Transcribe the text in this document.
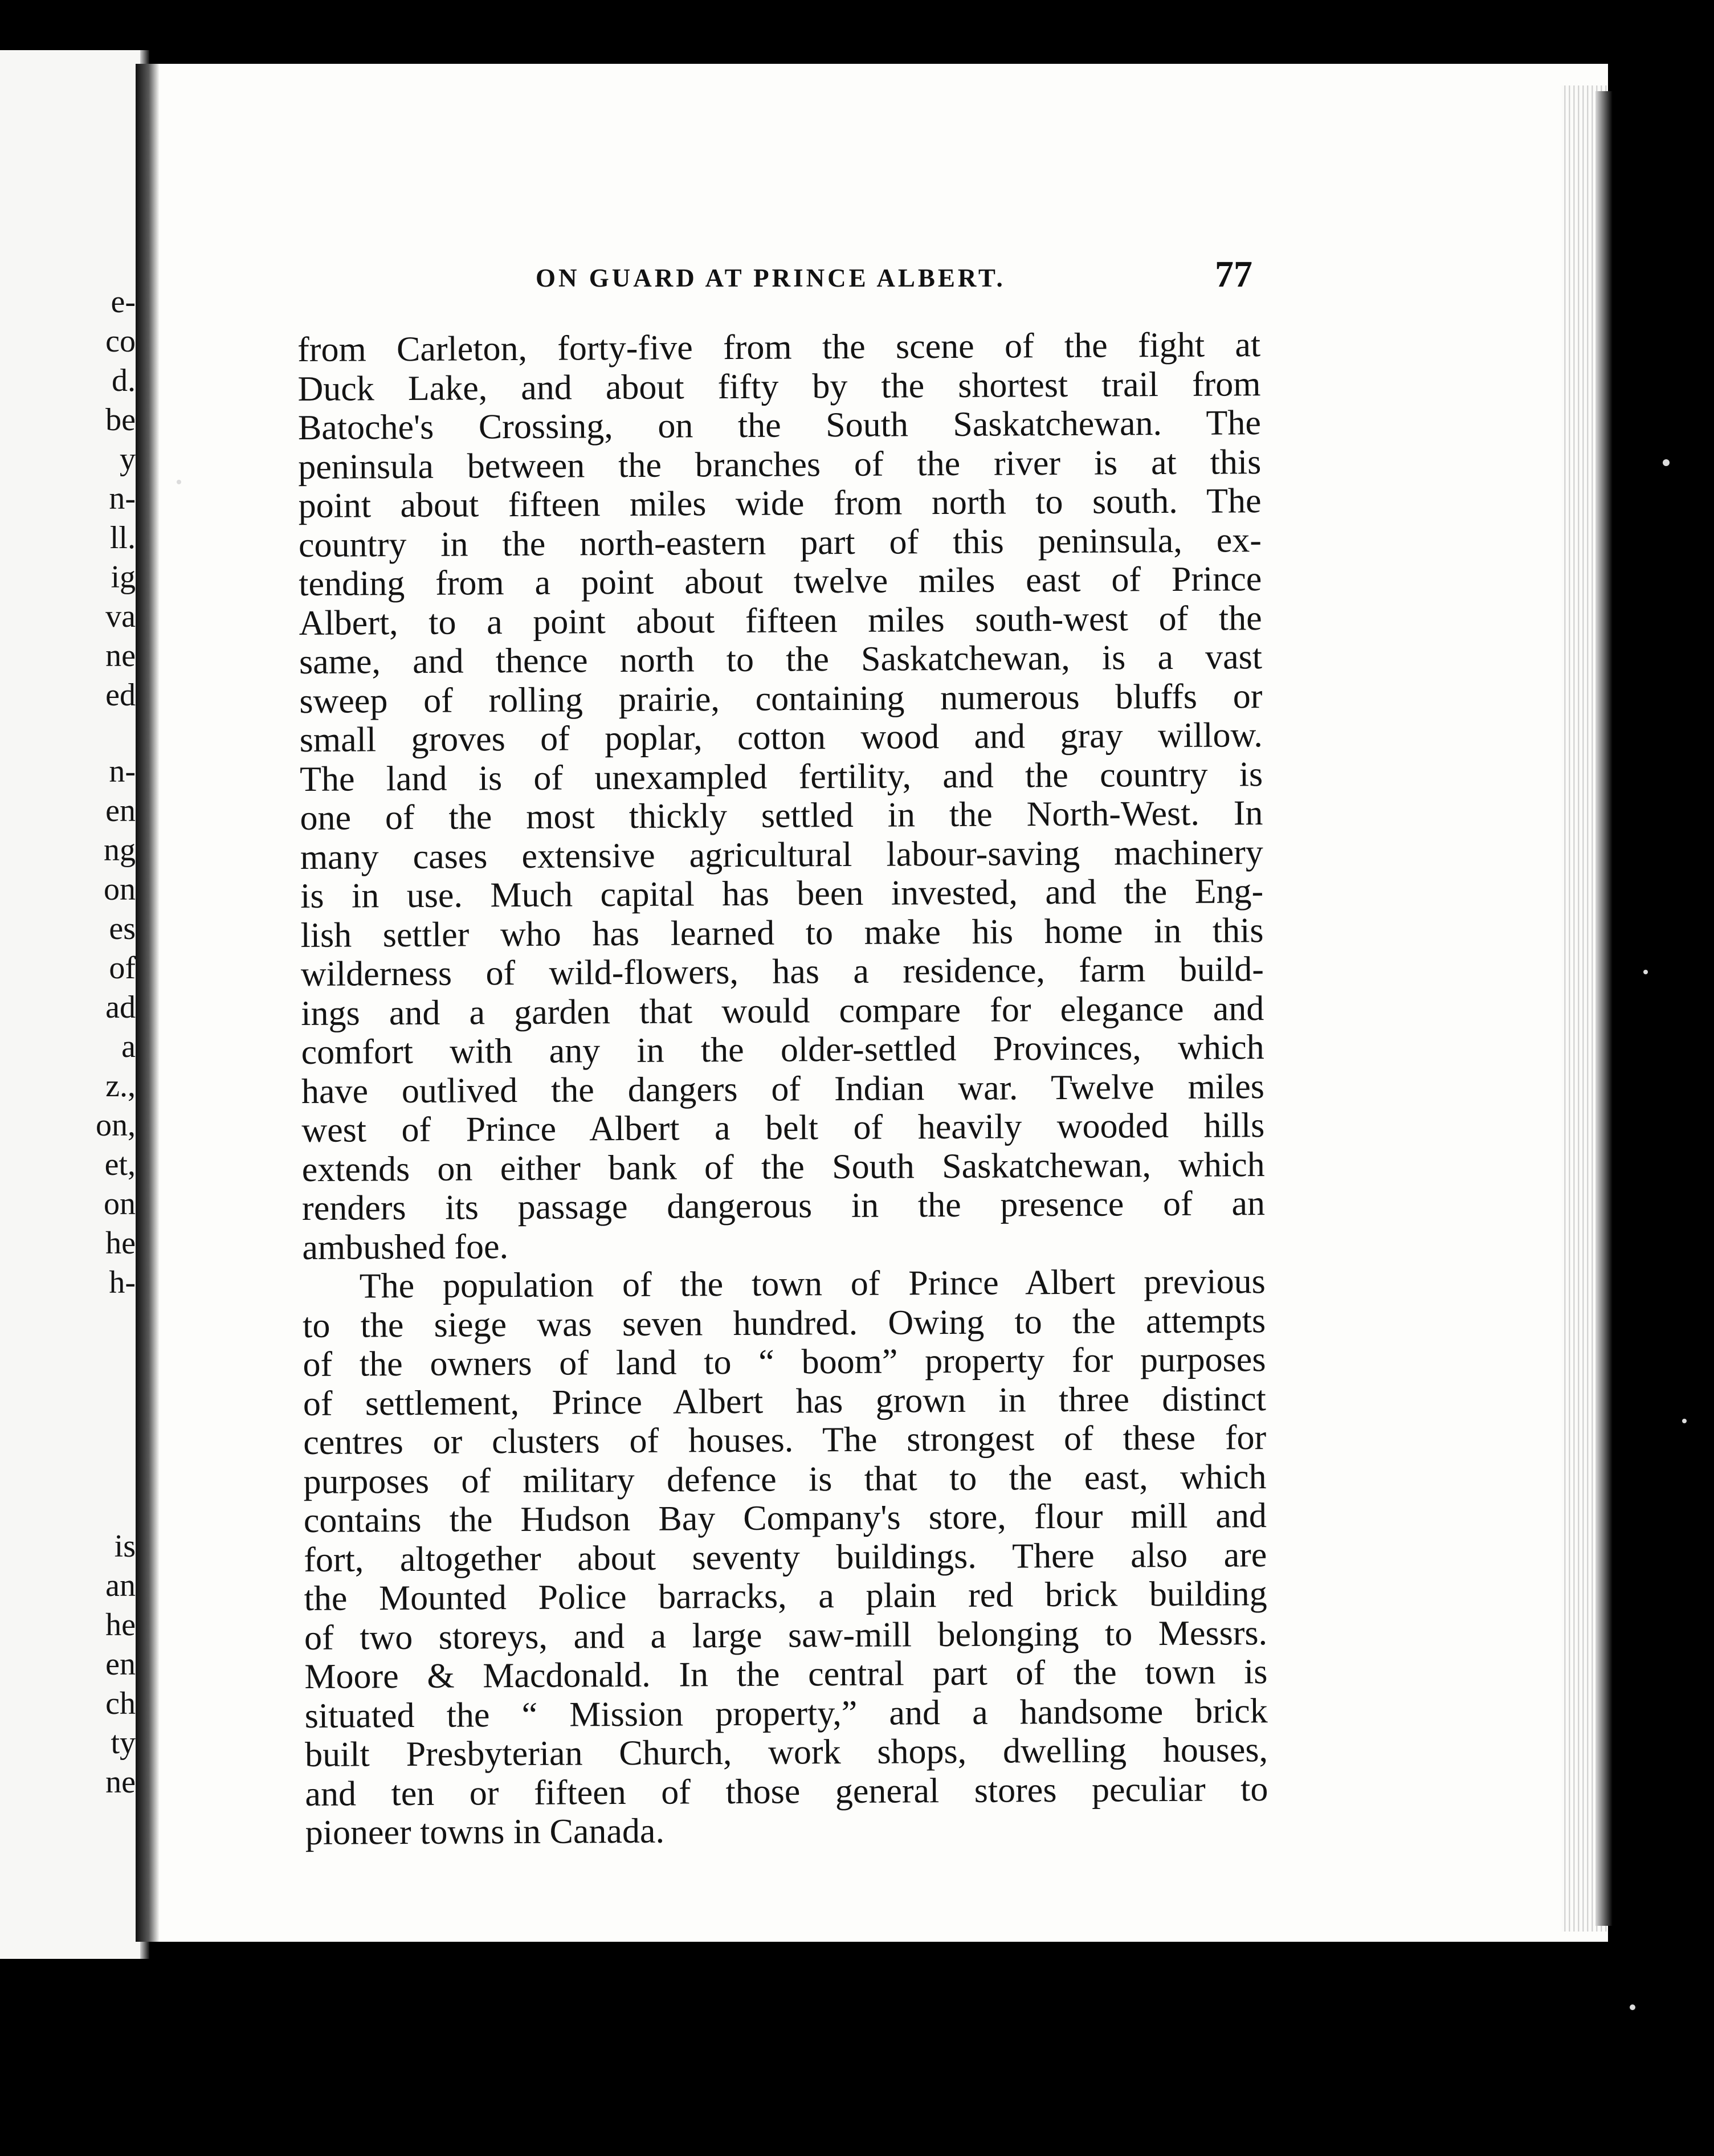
e-
co
d.
be
y
n-
ll.
ig
va
ne
ed
n-
en
ng
on
es
of
ad
a
z.,
on,
et,
on
he
h-
is
an
he
en
ch
ty
ne
ON GUARD AT PRINCE ALBERT.	77
from Carleton, forty-five from the scene of the fight at
Duck Lake, and about fifty by the shortest trail from
Batoche's Crossing, on the South Saskatchewan. The
peninsula between the branches of the river is at this
point about fifteen miles wide from north to south. The
country in the north-eastern part of this peninsula, ex-
tending from a point about twelve miles east of Prince
Albert, to a point about fifteen miles south-west of the
same, and thence north to the Saskatchewan, is a vast
sweep of rolling prairie, containing numerous bluffs or
small groves of poplar, cotton wood and gray willow.
The land is of unexampled fertility, and the country is
one of the most thickly settled in the North-West. In
many cases extensive agricultural labour-saving machinery
is in use. Much capital has been invested, and the Eng-
lish settler who has learned to make his home in this
wilderness of wild-flowers, has a residence, farm build-
ings and a garden that would compare for elegance and
comfort with any in the older-settled Provinces, which
have outlived the dangers of Indian war. Twelve miles
west of Prince Albert a belt of heavily wooded hills
extends on either bank of the South Saskatchewan, which
renders its passage dangerous in the presence of an
ambushed foe.
The population of the town of Prince Albert previous
to the siege was seven hundred. Owing to the attempts
of the owners of land to “ boom” property for purposes
of settlement, Prince Albert has grown in three distinct
centres or clusters of houses. The strongest of these for
purposes of military defence is that to the east, which
contains the Hudson Bay Company's store, flour mill and
fort, altogether about seventy buildings. There also are
the Mounted Police barracks, a plain red brick building
of two storeys, and a large saw-mill belonging to Messrs.
Moore & Macdonald. In the central part of the town is
situated the “ Mission property,” and a handsome brick
built Presbyterian Church, work shops, dwelling houses,
and ten or fifteen of those general stores peculiar to
pioneer towns in Canada.
